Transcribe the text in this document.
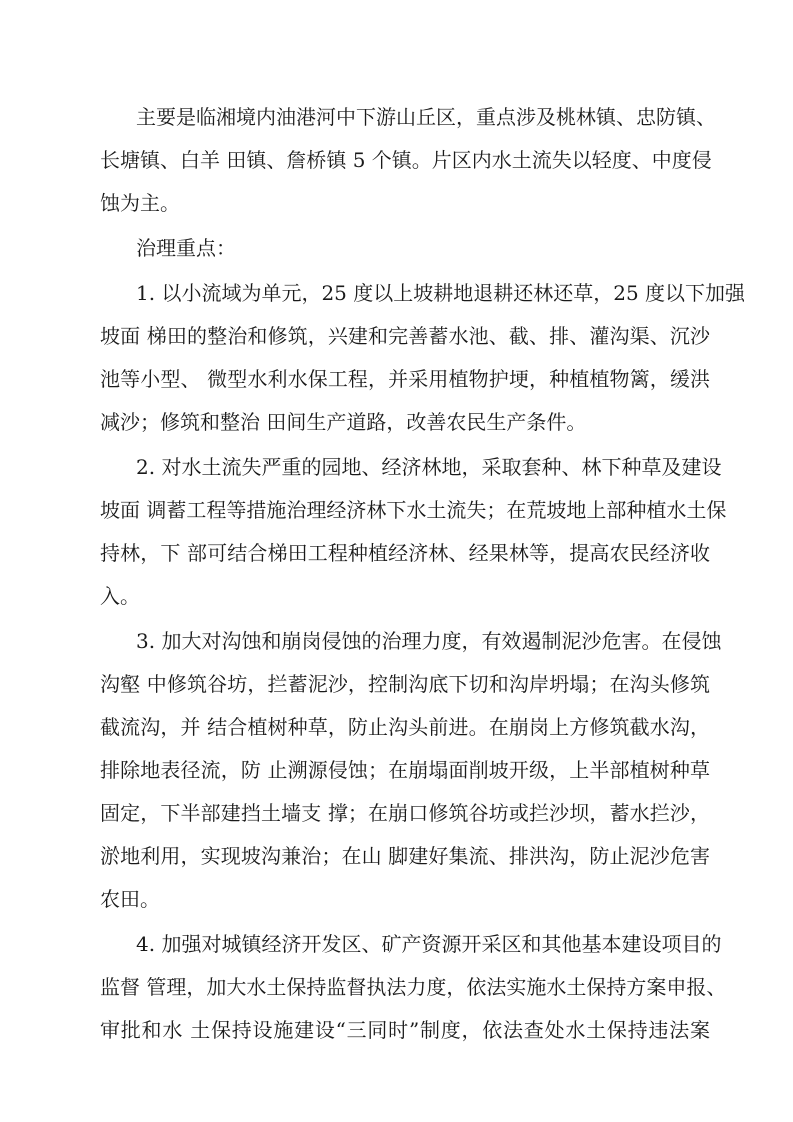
主要是临湘境内油港河中下游山丘区，重点涉及桃林镇、忠防镇、
长塘镇、白羊 田镇、詹桥镇 5 个镇。片区内水土流失以轻度、中度侵
蚀为主。
治理重点：
1. 以小流域为单元，25 度以上坡耕地退耕还林还草，25 度以下加强
坡面 梯田的整治和修筑，兴建和完善蓄水池、截、排、灌沟渠、沉沙
池等小型、 微型水利水保工程，并采用植物护埂，种植植物篱，缓洪
减沙；修筑和整治 田间生产道路，改善农民生产条件。
2. 对水土流失严重的园地、经济林地，采取套种、林下种草及建设
坡面 调蓄工程等措施治理经济林下水土流失；在荒坡地上部种植水土保
持林，下 部可结合梯田工程种植经济林、经果林等，提高农民经济收
入。
3. 加大对沟蚀和崩岗侵蚀的治理力度，有效遏制泥沙危害。在侵蚀
沟壑 中修筑谷坊，拦蓄泥沙，控制沟底下切和沟岸坍塌；在沟头修筑
截流沟，并 结合植树种草，防止沟头前进。在崩岗上方修筑截水沟，
排除地表径流，防 止溯源侵蚀；在崩塌面削坡开级，上半部植树种草
固定，下半部建挡土墙支 撑；在崩口修筑谷坊或拦沙坝，蓄水拦沙，
淤地利用，实现坡沟兼治；在山 脚建好集流、排洪沟，防止泥沙危害
农田。
4. 加强对城镇经济开发区、矿产资源开采区和其他基本建设项目的
监督 管理，加大水土保持监督执法力度，依法实施水土保持方案申报、
审批和水 土保持设施建设“三同时”制度，依法查处水土保持违法案
